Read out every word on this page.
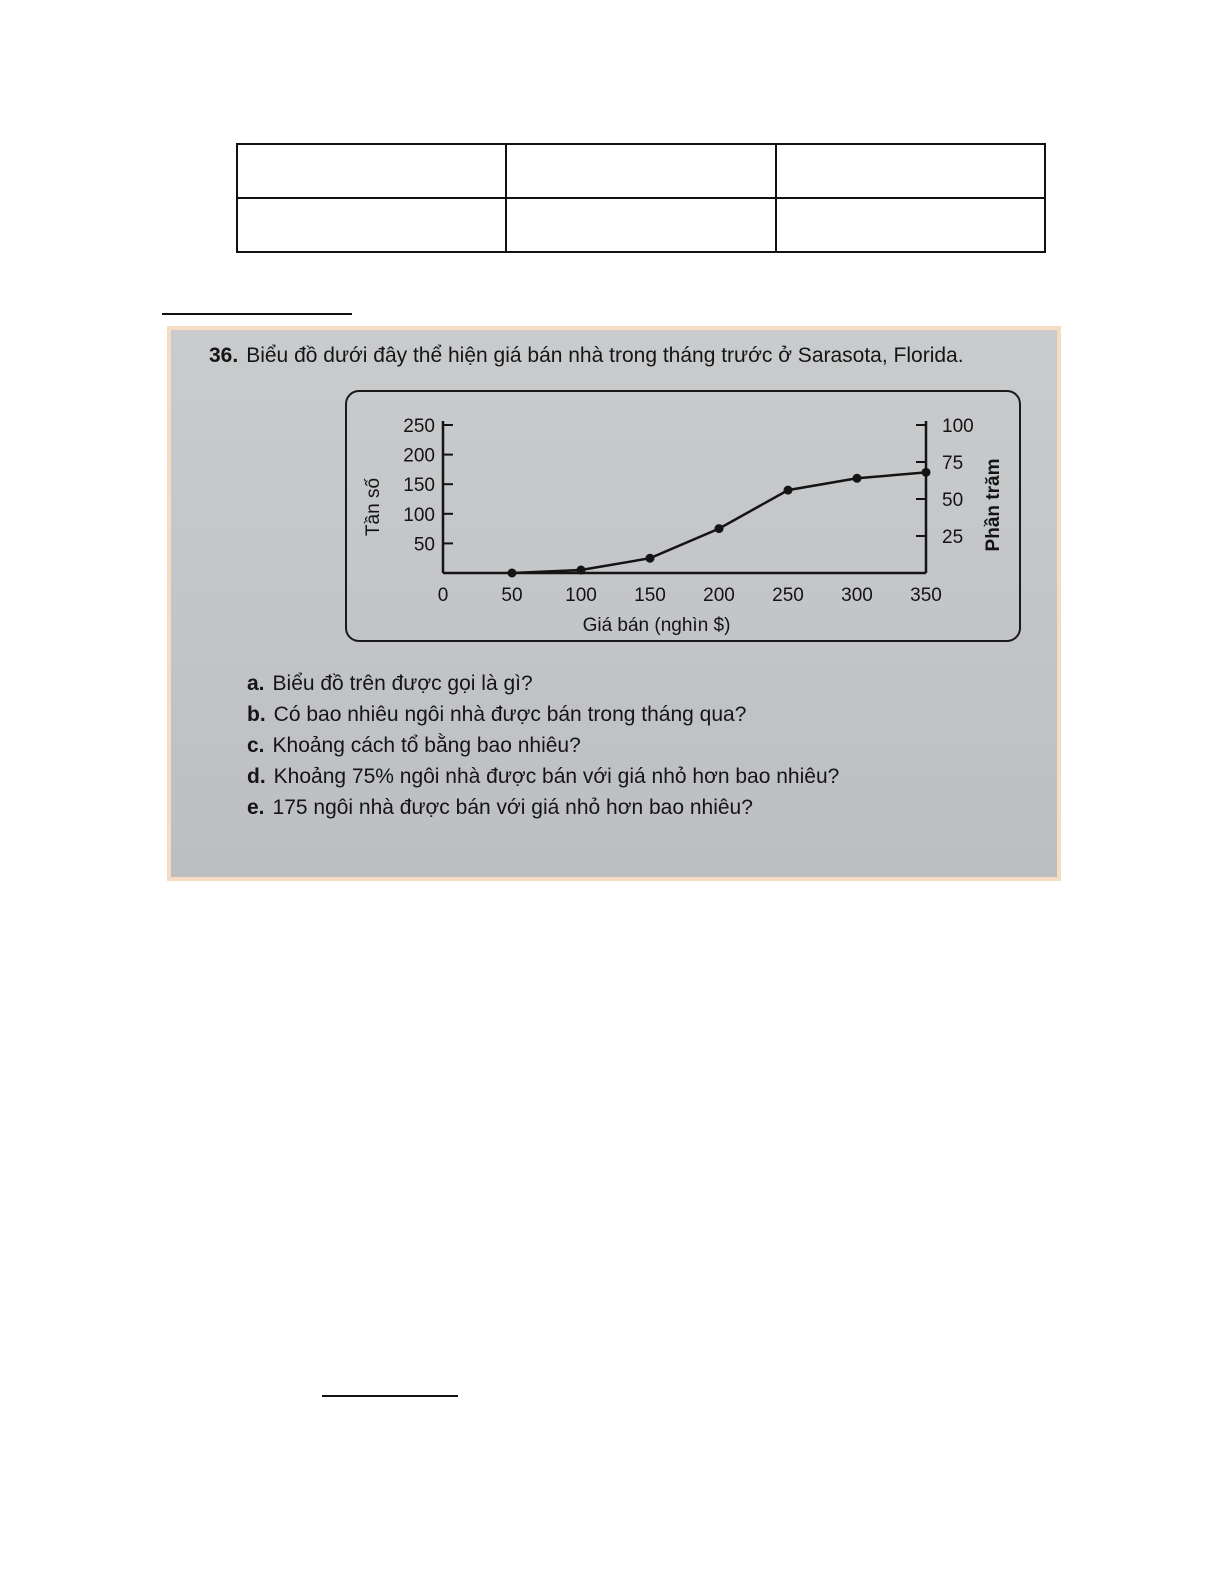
36. Biểu đồ dưới đây thể hiện giá bán nhà trong tháng trước ở Sarasota, Florida.
50
100
150
200
250
25
50
75
100
0	50 100 150 200 250 300 350
Giá bán (nghìn $)
Tần số	Phần trăm
a. Biểu đồ trên được gọi là gì?
b. Có bao nhiêu ngôi nhà được bán trong tháng qua?
c. Khoảng cách tổ bằng bao nhiêu?
d. Khoảng 75% ngôi nhà được bán với giá nhỏ hơn bao nhiêu?
e. 175 ngôi nhà được bán với giá nhỏ hơn bao nhiêu?
